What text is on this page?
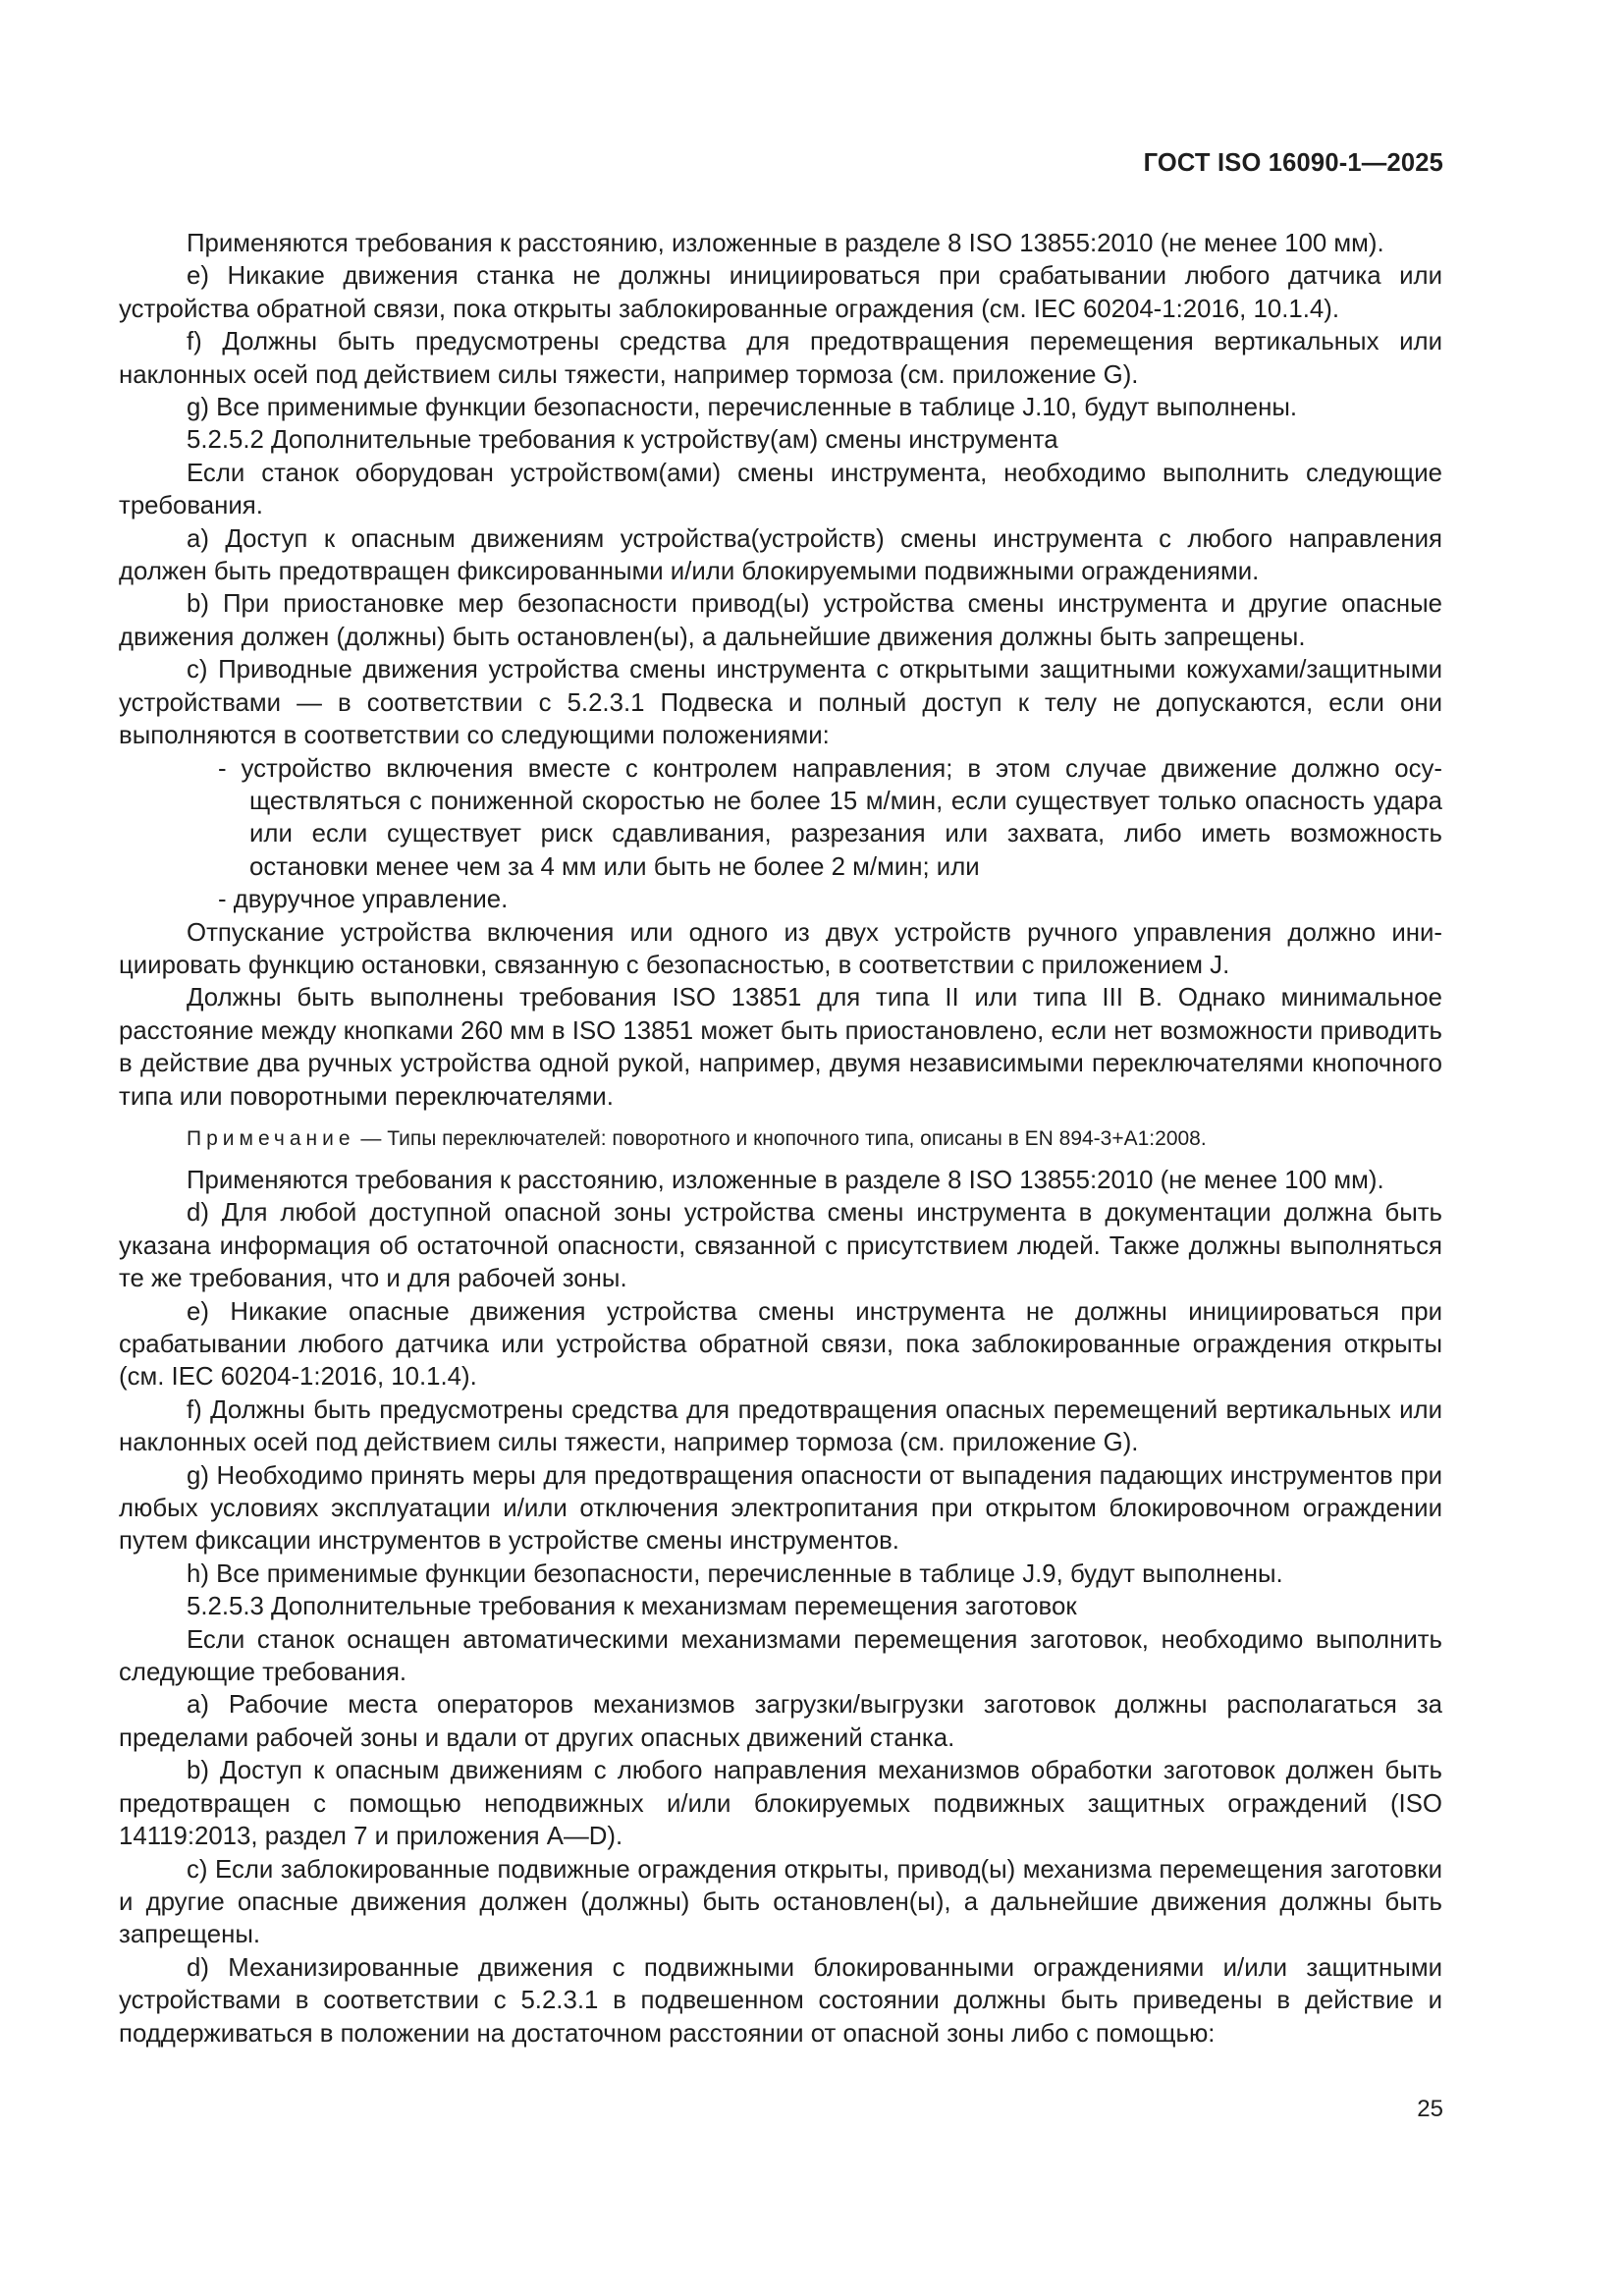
ГОСТ ISO 16090-1—2025

Применяются требования к расстоянию, изложенные в разделе 8 ISO 13855:2010 (не менее 100 мм).

e) Никакие движения станка не должны инициироваться при срабатывании любого датчика или устройства обратной связи, пока открыты заблокированные ограждения (см. IEC 60204-1:2016, 10.1.4).

f) Должны быть предусмотрены средства для предотвращения перемещения вертикальных или наклонных осей под действием силы тяжести, например тормоза (см. приложение G).

g) Все применимые функции безопасности, перечисленные в таблице J.10, будут выполнены.

5.2.5.2 Дополнительные требования к устройству(ам) смены инструмента

Если станок оборудован устройством(ами) смены инструмента, необходимо выполнить следующие требования.

a) Доступ к опасным движениям устройства(устройств) смены инструмента с любого направления должен быть предотвращен фиксированными и/или блокируемыми подвижными ограждениями.

b) При приостановке мер безопасности привод(ы) устройства смены инструмента и другие опасные движения должен (должны) быть остановлен(ы), а дальнейшие движения должны быть запрещены.

c) Приводные движения устройства смены инструмента с открытыми защитными кожухами/защитными устройствами — в соответствии с 5.2.3.1 Подвеска и полный доступ к телу не допускаются, если они выполняются в соответствии со следующими положениями:

- устройство включения вместе с контролем направления; в этом случае движение должно осуществляться с пониженной скоростью не более 15 м/мин, если существует только опасность удара или если существует риск сдавливания, разрезания или захвата, либо иметь возможность остановки менее чем за 4 мм или быть не более 2 м/мин; или

- двуручное управление.

Отпускание устройства включения или одного из двух устройств ручного управления должно инициировать функцию остановки, связанную с безопасностью, в соответствии с приложением J.

Должны быть выполнены требования ISO 13851 для типа II или типа III B. Однако минимальное расстояние между кнопками 260 мм в ISO 13851 может быть приостановлено, если нет возможности приводить в действие два ручных устройства одной рукой, например, двумя независимыми переключателями кнопочного типа или поворотными переключателями.

Примечание — Типы переключателей: поворотного и кнопочного типа, описаны в EN 894-3+A1:2008.

Применяются требования к расстоянию, изложенные в разделе 8 ISO 13855:2010 (не менее 100 мм).

d) Для любой доступной опасной зоны устройства смены инструмента в документации должна быть указана информация об остаточной опасности, связанной с присутствием людей. Также должны выполняться те же требования, что и для рабочей зоны.

e) Никакие опасные движения устройства смены инструмента не должны инициироваться при срабатывании любого датчика или устройства обратной связи, пока заблокированные ограждения открыты (см. IEC 60204-1:2016, 10.1.4).

f) Должны быть предусмотрены средства для предотвращения опасных перемещений вертикальных или наклонных осей под действием силы тяжести, например тормоза (см. приложение G).

g) Необходимо принять меры для предотвращения опасности от выпадения падающих инструментов при любых условиях эксплуатации и/или отключения электропитания при открытом блокировочном ограждении путем фиксации инструментов в устройстве смены инструментов.

h) Все применимые функции безопасности, перечисленные в таблице J.9, будут выполнены.

5.2.5.3 Дополнительные требования к механизмам перемещения заготовок

Если станок оснащен автоматическими механизмами перемещения заготовок, необходимо выполнить следующие требования.

a) Рабочие места операторов механизмов загрузки/выгрузки заготовок должны располагаться за пределами рабочей зоны и вдали от других опасных движений станка.

b) Доступ к опасным движениям с любого направления механизмов обработки заготовок должен быть предотвращен с помощью неподвижных и/или блокируемых подвижных защитных ограждений (ISO 14119:2013, раздел 7 и приложения A—D).

c) Если заблокированные подвижные ограждения открыты, привод(ы) механизма перемещения заготовки и другие опасные движения должен (должны) быть остановлен(ы), а дальнейшие движения должны быть запрещены.

d) Механизированные движения с подвижными блокированными ограждениями и/или защитными устройствами в соответствии с 5.2.3.1 в подвешенном состоянии должны быть приведены в действие и поддерживаться в положении на достаточном расстоянии от опасной зоны либо с помощью:

25
